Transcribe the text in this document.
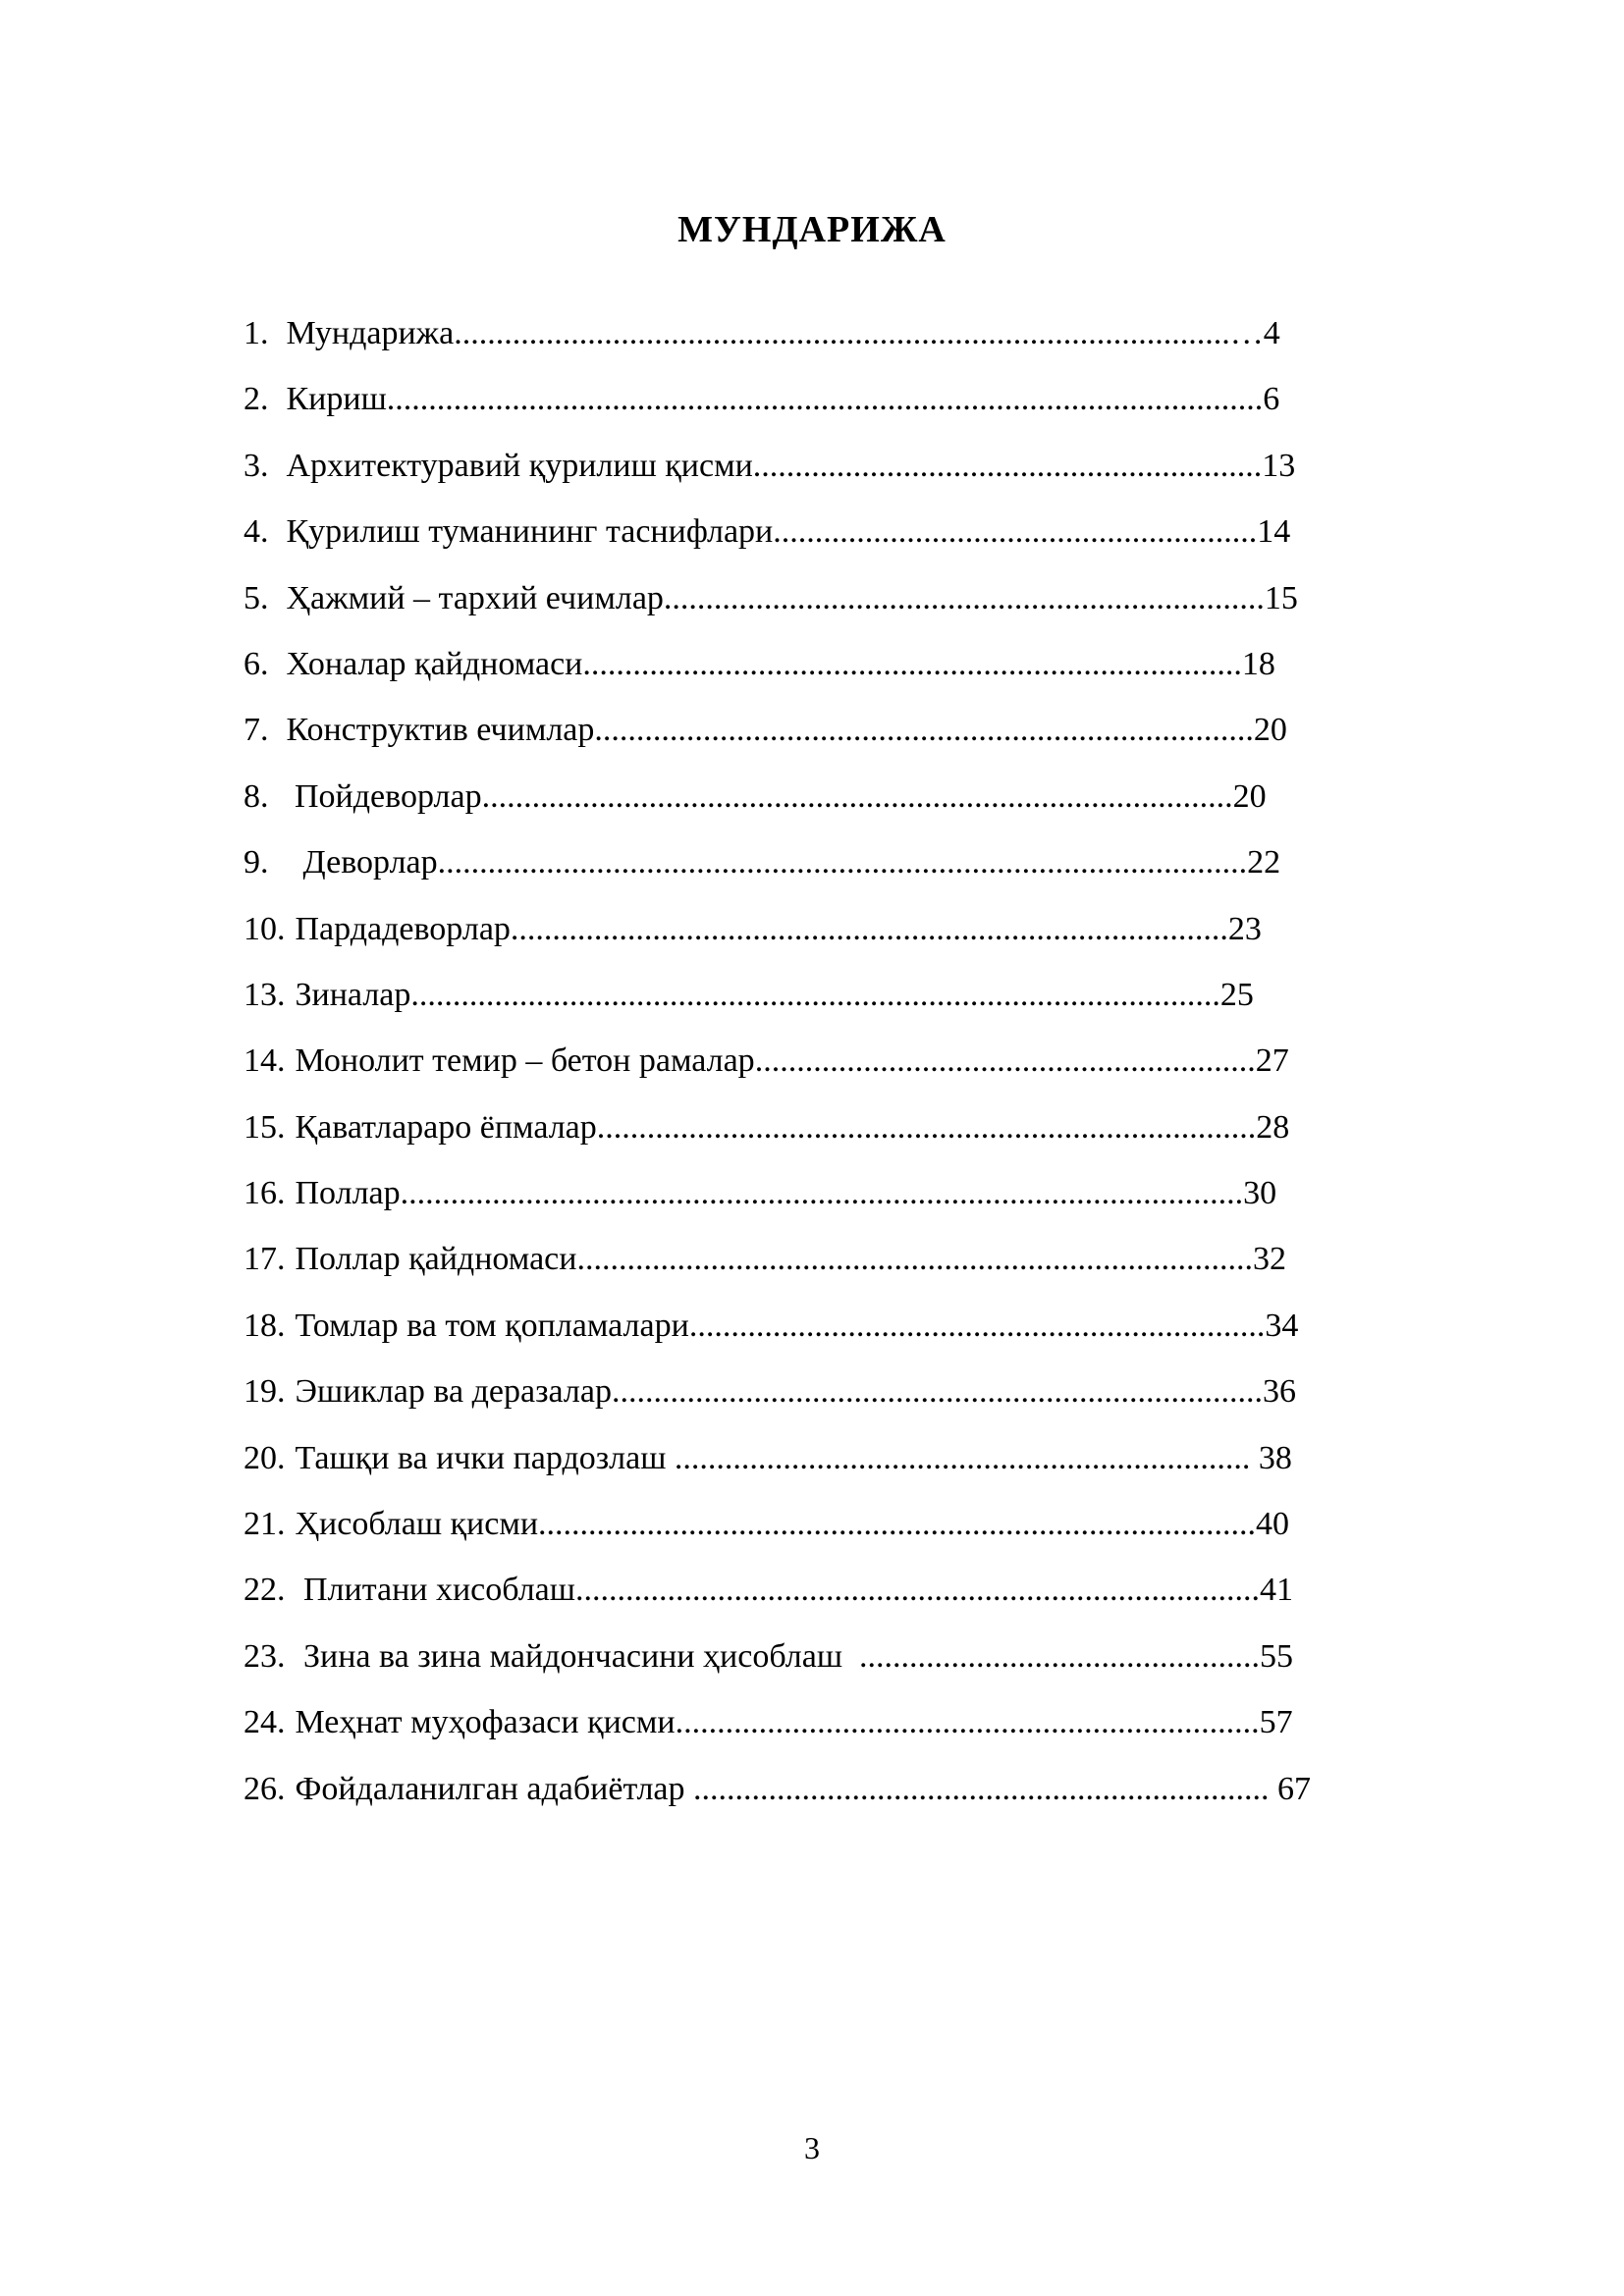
МУНДАРИЖА
1. Мундарижа ............................................................................................. …4
2. Кириш ......................................................................................................... 6
3. Архитектуравий қурилиш қисми ............................................................. 13
4. Қурилиш туманининг таснифлари .......................................................... 14
5. Ҳажмий – тархий ечимлар ........................................................................ 15
6. Хоналар қайдномаси ............................................................................... 18
7. Конструктив ечимлар ............................................................................... 20
8. Пойдеворлар .......................................................................................... 20
9. Деворлар ................................................................................................. 22
10. Пардадеворлар ...................................................................................... 23
13. Зиналар ................................................................................................. 25
14. Монолит темир – бетон рамалар ............................................................ 27
15. Қаватлараро ёпмалар ............................................................................... 28
16. Поллар ..................................................................................................... 30
17. Поллар қайдномаси ................................................................................. 32
18. Томлар ва том қопламалари ..................................................................... 34
19. Эшиклар ва деразалар .............................................................................. 36
20. Ташқи ва ички пардозлаш ..................................................................... 38
21. Ҳисоблаш қисми ...................................................................................... 40
22. Плитани хисоблаш .................................................................................. 41
23. Зина ва зина майдончасини ҳисоблаш ................................................ 55
24. Меҳнат муҳофазаси қисми ...................................................................... 57
26. Фойдаланилган адабиётлар ..................................................................... 67
3
